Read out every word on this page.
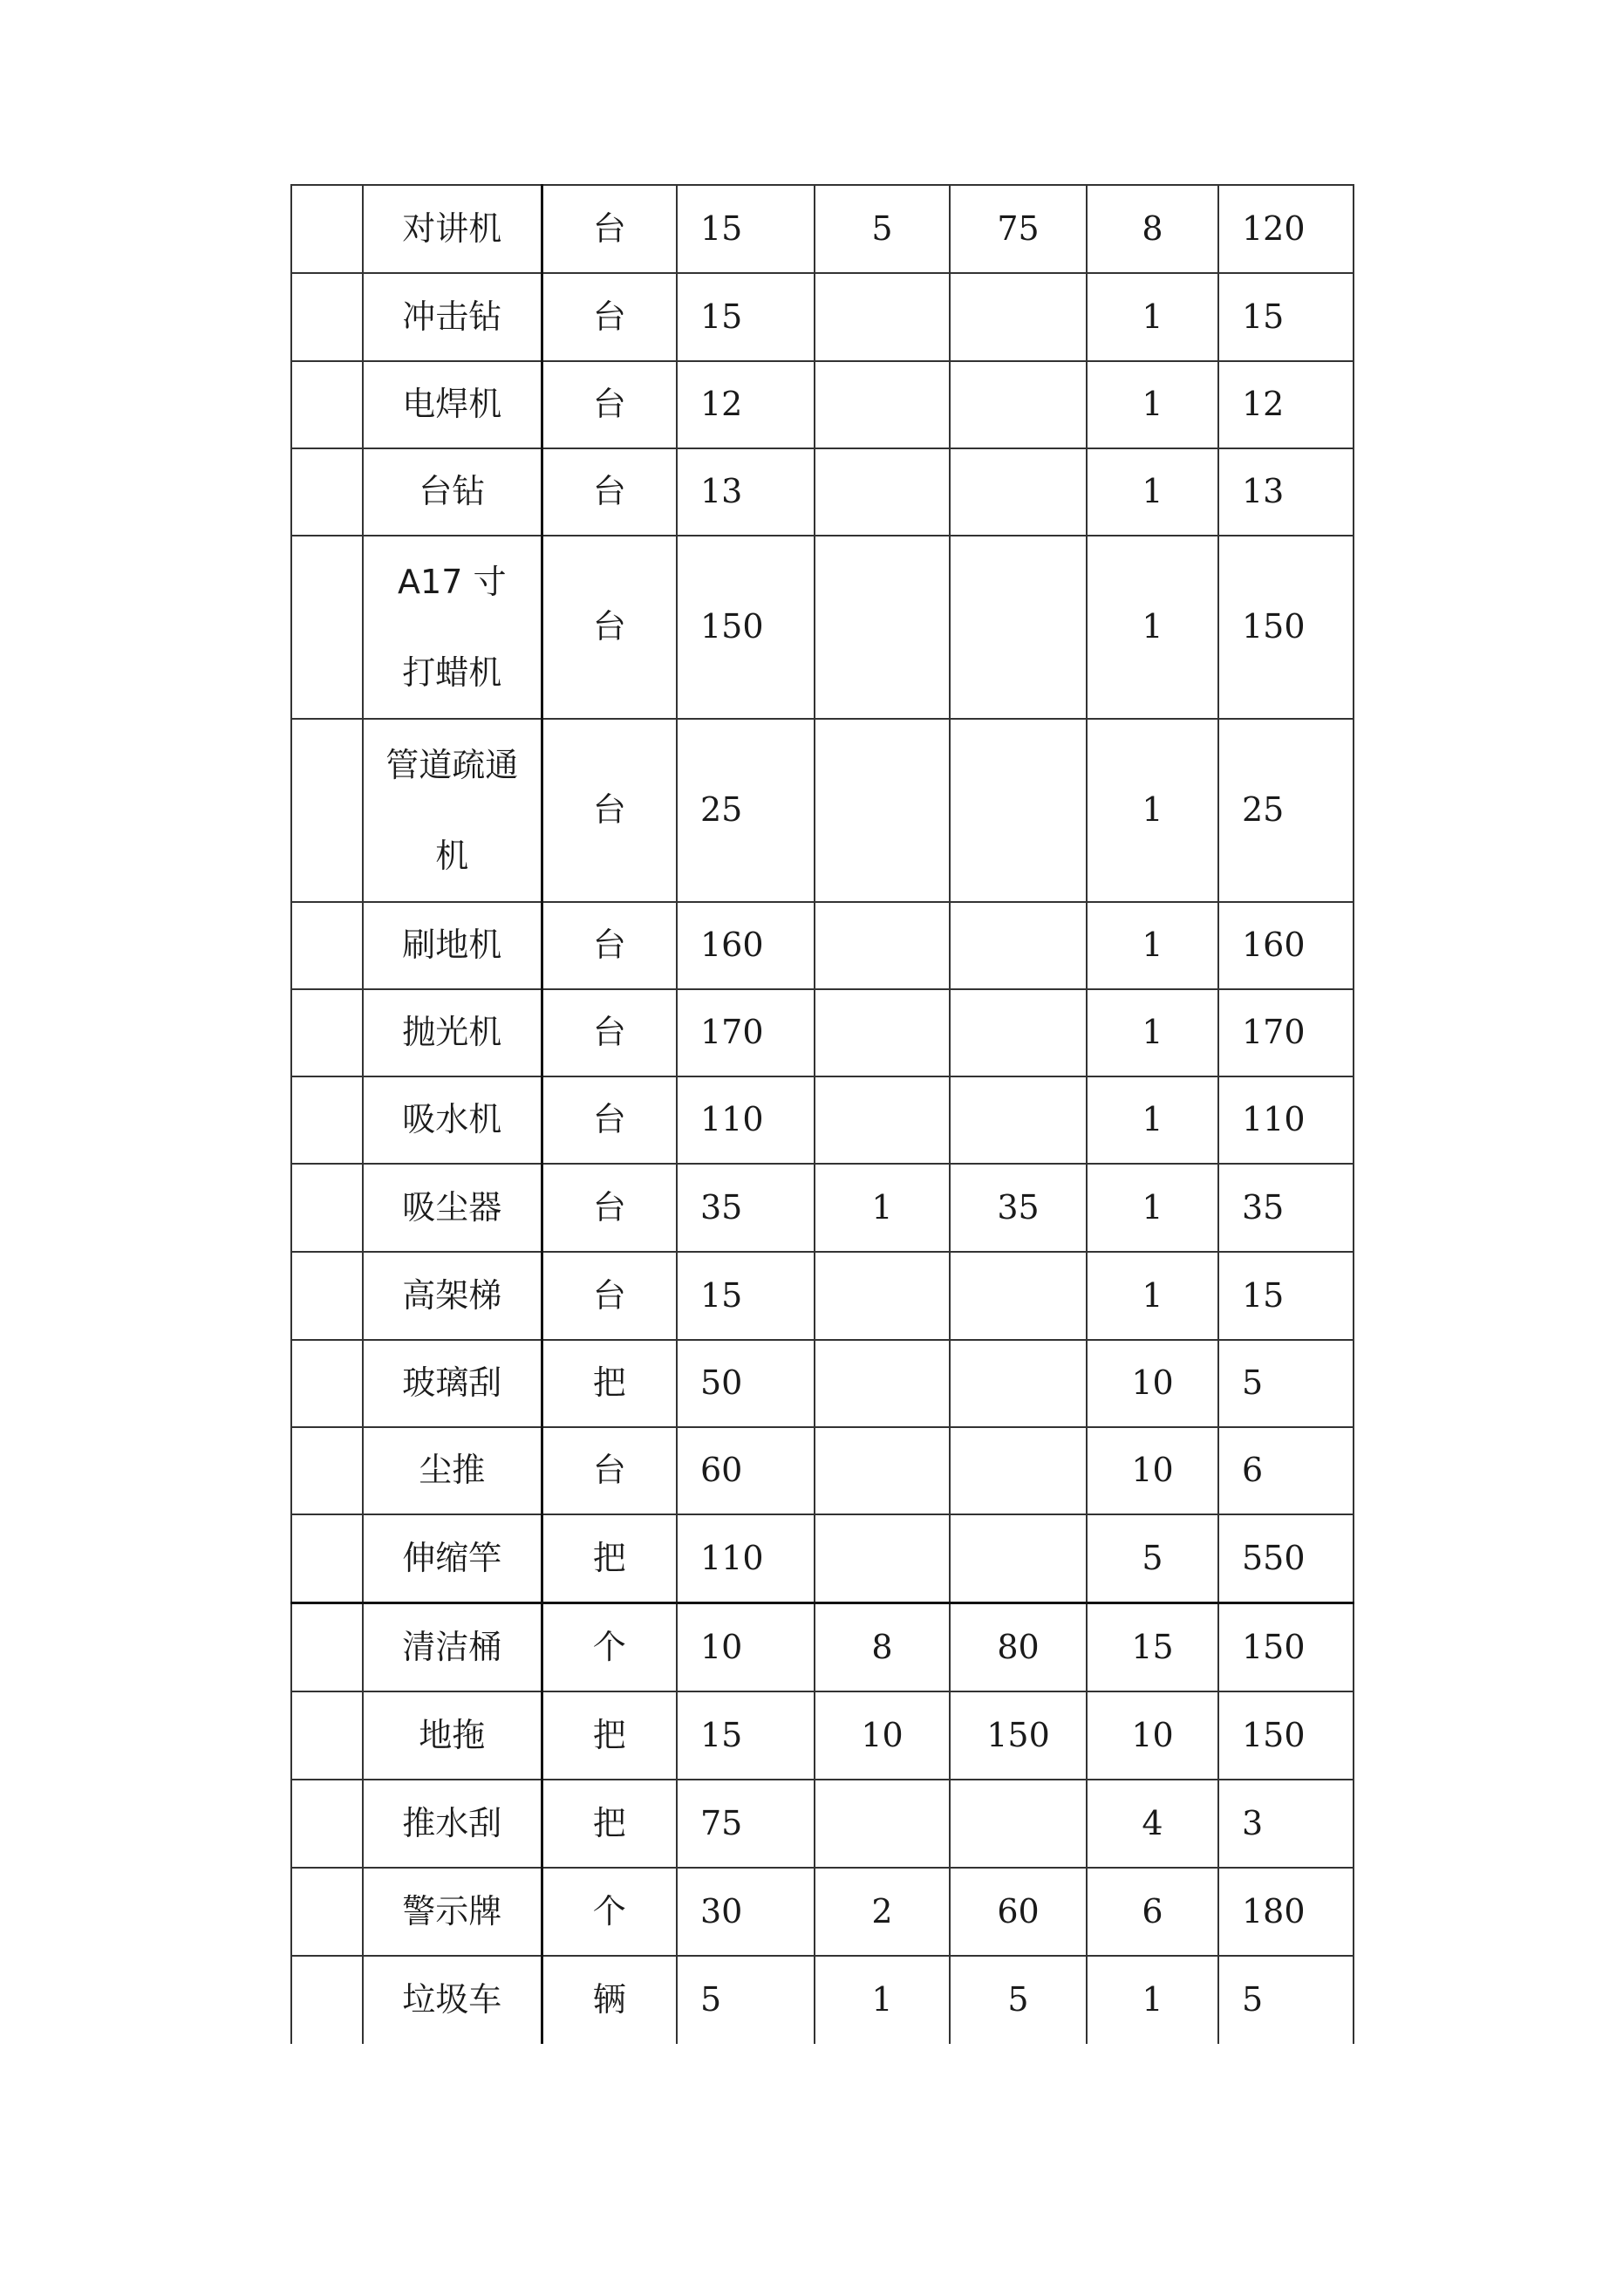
	对讲机	台	15	5	75	8	120
	冲击钻	台	15			1	15
	电焊机	台	12			1	12
	台钻	台	13			1	13
	A17 寸打蜡机	台	150			1	150
	管道疏通机	台	25			1	25
	刷地机	台	160			1	160
	抛光机	台	170			1	170
	吸水机	台	110			1	110
	吸尘器	台	35	1	35	1	35
	高架梯	台	15			1	15
	玻璃刮	把	50			10	5
	尘推	台	60			10	6
	伸缩竿	把	110			5	550
	清洁桶	个	10	8	80	15	150
	地拖	把	15	10	150	10	150
	推水刮	把	75			4	3
	警示牌	个	30	2	60	6	180
	垃圾车	辆	5	1	5	1	5
